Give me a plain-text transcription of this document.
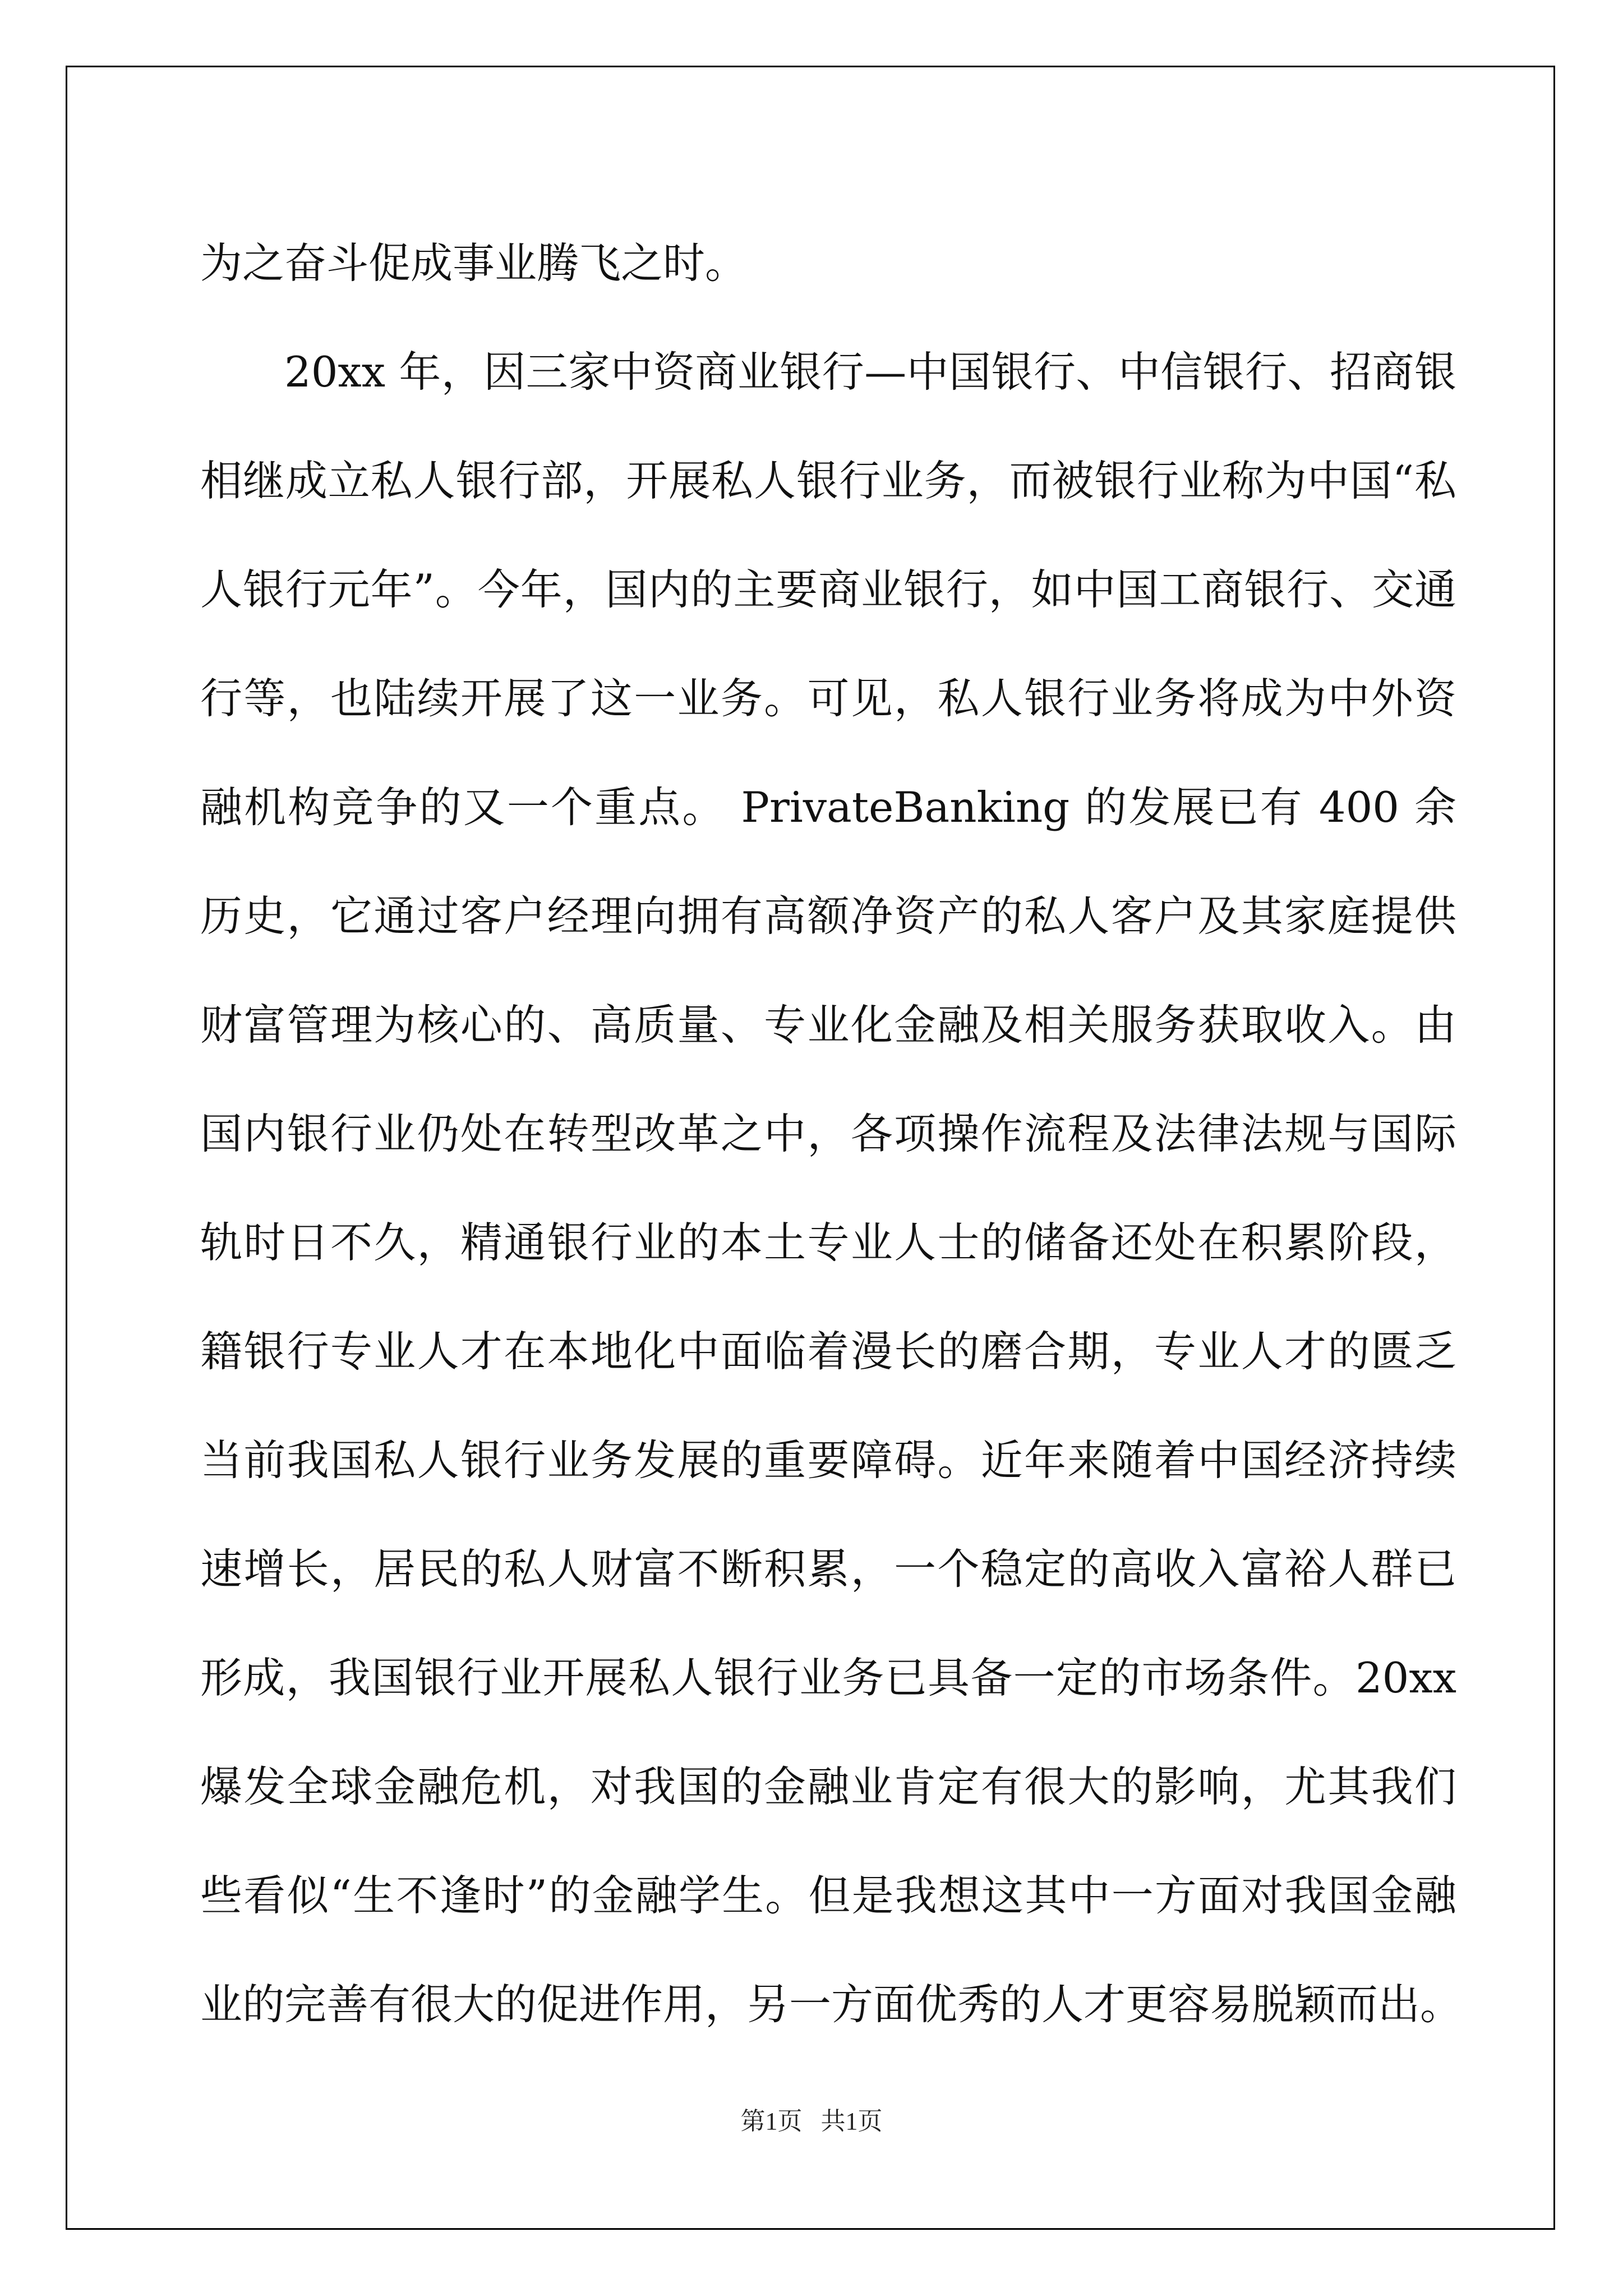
为之奋斗促成事业腾飞之时。
20xx 年，因三家中资商业银行—中国银行、中信银行、招商银
相继成立私人银行部，开展私人银行业务，而被银行业称为中国“私
人银行元年”。今年，国内的主要商业银行，如中国工商银行、交通
行等，也陆续开展了这一业务。可见，私人银行业务将成为中外资
融机构竞争的又一个重点。 PrivateBanking 的发展已有 400 余
历史，它通过客户经理向拥有高额净资产的私人客户及其家庭提供
财富管理为核心的、高质量、专业化金融及相关服务获取收入。由
国内银行业仍处在转型改革之中，各项操作流程及法律法规与国际
轨时日不久，精通银行业的本土专业人士的储备还处在积累阶段，
籍银行专业人才在本地化中面临着漫长的磨合期，专业人才的匮乏
当前我国私人银行业务发展的重要障碍。近年来随着中国经济持续
速增长，居民的私人财富不断积累，一个稳定的高收入富裕人群已
形成，我国银行业开展私人银行业务已具备一定的市场条件。20xx
爆发全球金融危机，对我国的金融业肯定有很大的影响，尤其我们
些看似“生不逢时”的金融学生。但是我想这其中一方面对我国金融
业的完善有很大的促进作用，另一方面优秀的人才更容易脱颖而出。
第1页   共1页
